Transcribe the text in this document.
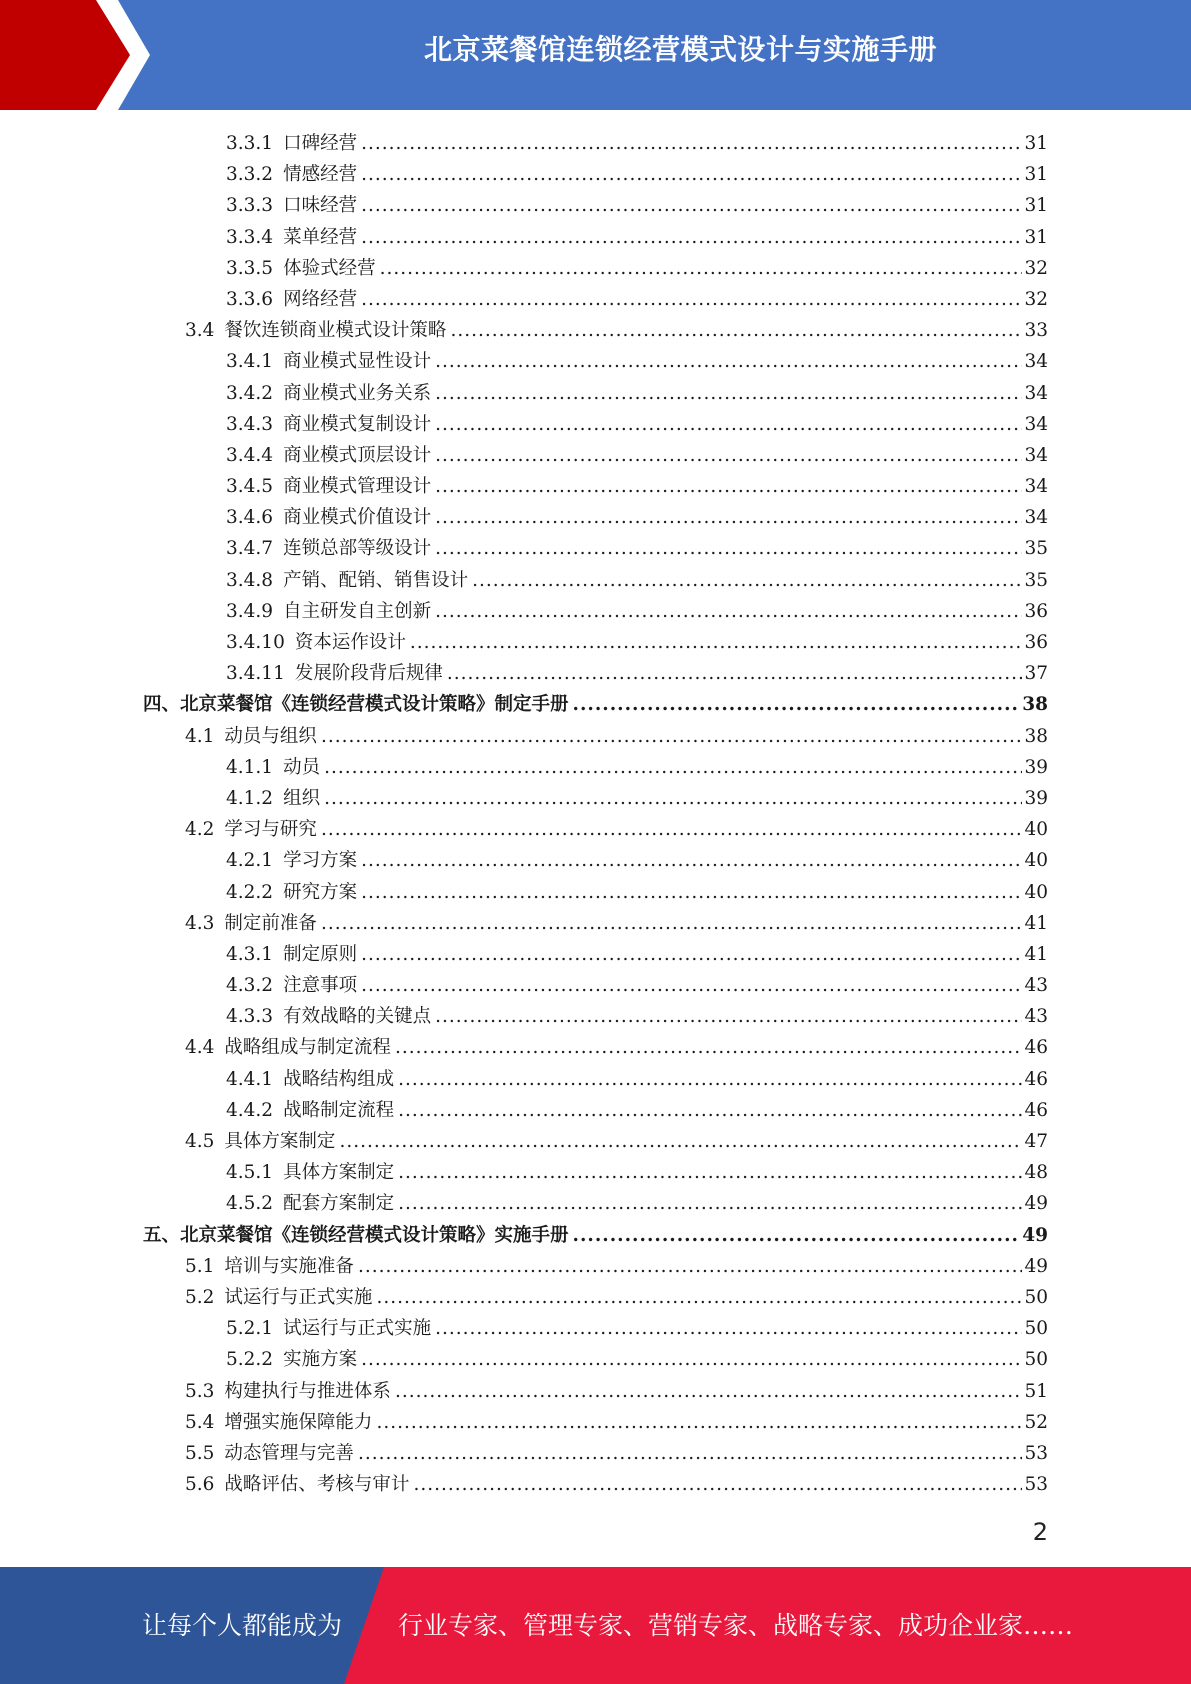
北京菜餐馆连锁经营模式设计与实施手册
3.3.1 口碑经营 .....	31
3.3.2 情感经营 .....	31
3.3.3 口味经营 .....	31
3.3.4 菜单经营 .....	31
3.3.5 体验式经营 .....	32
3.3.6 网络经营 .....	32
3.4 餐饮连锁商业模式设计策略 .....	33
3.4.1 商业模式显性设计 .....	34
3.4.2 商业模式业务关系 .....	34
3.4.3 商业模式复制设计 .....	34
3.4.4 商业模式顶层设计 .....	34
3.4.5 商业模式管理设计 .....	34
3.4.6 商业模式价值设计 .....	34
3.4.7 连锁总部等级设计 .....	35
3.4.8 产销、配销、销售设计 .....	35
3.4.9 自主研发自主创新 .....	36
3.4.10 资本运作设计 .....	36
3.4.11 发展阶段背后规律 .....	37
四、 北京菜餐馆《连锁经营模式设计策略》制定手册 .....	38
4.1 动员与组织 .....	38
4.1.1 动员 .....	39
4.1.2 组织 .....	39
4.2 学习与研究 .....	40
4.2.1 学习方案 .....	40
4.2.2 研究方案 .....	40
4.3 制定前准备 .....	41
4.3.1 制定原则 .....	41
4.3.2 注意事项 .....	43
4.3.3 有效战略的关键点 .....	43
4.4 战略组成与制定流程 .....	46
4.4.1 战略结构组成 .....	46
4.4.2 战略制定流程 .....	46
4.5 具体方案制定 .....	47
4.5.1 具体方案制定 .....	48
4.5.2 配套方案制定 .....	49
五、 北京菜餐馆《连锁经营模式设计策略》实施手册 .....	49
5.1 培训与实施准备 .....	49
5.2 试运行与正式实施 .....	50
5.2.1 试运行与正式实施 .....	50
5.2.2 实施方案 .....	50
5.3 构建执行与推进体系 .....	51
5.4 增强实施保障能力 .....	52
5.5 动态管理与完善 .....	53
5.6 战略评估、考核与审计 .....	53
2
让每个人都能成为 行业专家、管理专家、营销专家、战略专家、成功企业家……
